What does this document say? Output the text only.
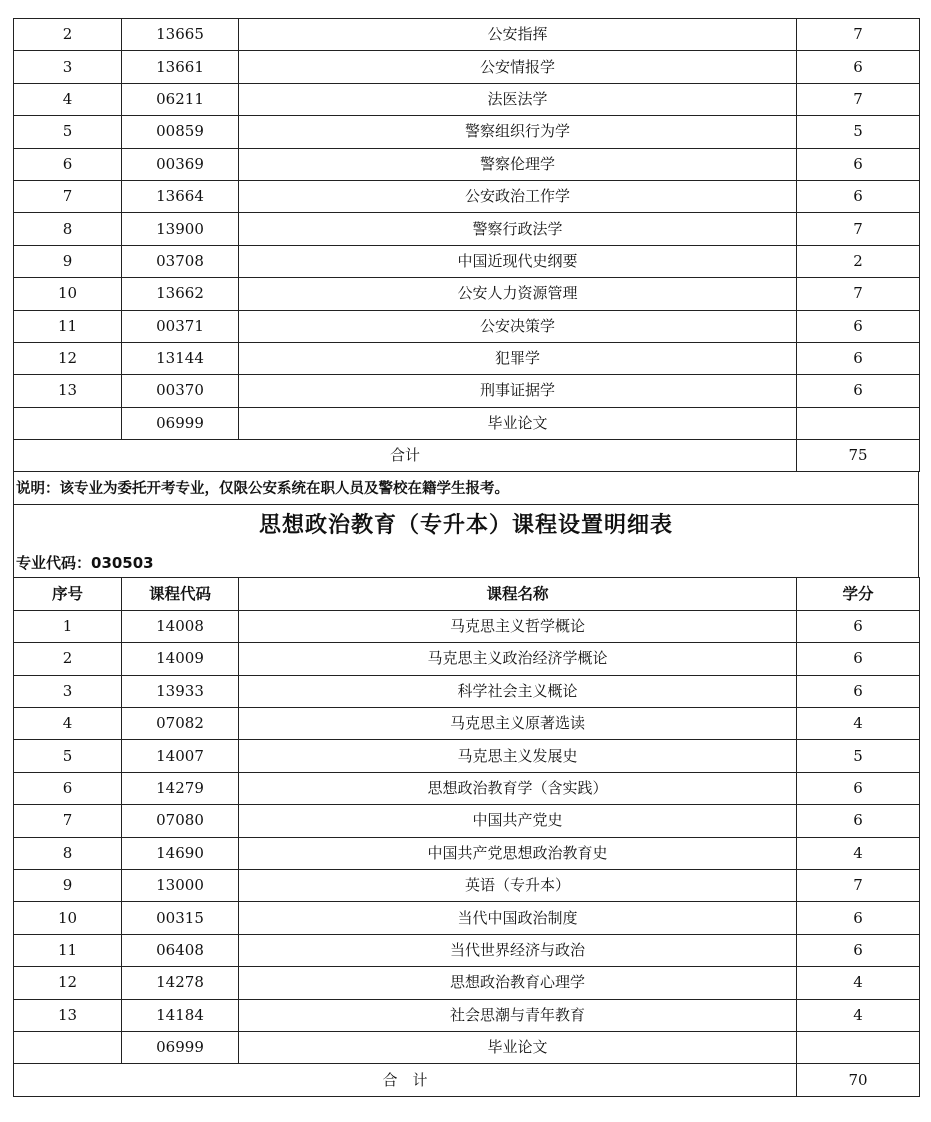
2	13665	公安指挥	7
3	13661	公安情报学	6
4	06211	法医法学	7
5	00859	警察组织行为学	5
6	00369	警察伦理学	6
7	13664	公安政治工作学	6
8	13900	警察行政法学	7
9	03708	中国近现代史纲要	2
10	13662	公安人力资源管理	7
11	00371	公安决策学	6
12	13144	犯罪学	6
13	00370	刑事证据学	6
	06999	毕业论文	
合计			75
说明：该专业为委托开考专业，仅限公安系统在职人员及警校在籍学生报考。
思想政治教育（专升本）课程设置明细表
专业代码：030503
序号	课程代码	课程名称	学分
1	14008	马克思主义哲学概论	6
2	14009	马克思主义政治经济学概论	6
3	13933	科学社会主义概论	6
4	07082	马克思主义原著选读	4
5	14007	马克思主义发展史	5
6	14279	思想政治教育学（含实践）	6
7	07080	中国共产党史	6
8	14690	中国共产党思想政治教育史	4
9	13000	英语（专升本）	7
10	00315	当代中国政治制度	6
11	06408	当代世界经济与政治	6
12	14278	思想政治教育心理学	4
13	14184	社会思潮与青年教育	4
	06999	毕业论文	
合　计			70
